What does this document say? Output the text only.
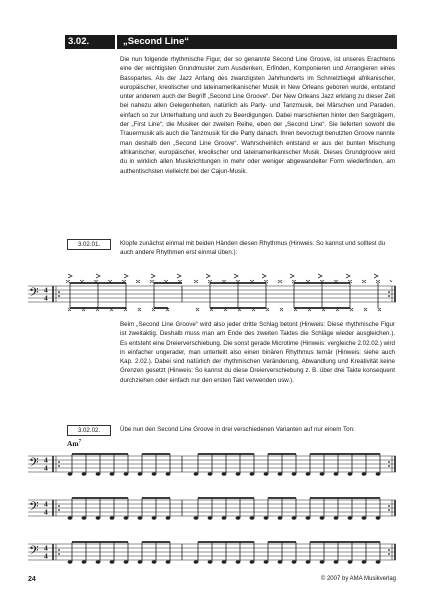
3.02.	„Second Line“

Die nun folgende rhythmische Figur, der so genannte Second Line Groove, ist unseres Erachtens eine der wichtigsten Grundmuster zum Ausdenken, Erfinden, Komponieren und Arrangieren eines Basspartes. Als der Jazz Anfang des zwanzigsten Jahrhunderts im Schmelztiegel afrikanischer, europäischer, kreolischer und lateinamerikanischer Musik in New Orleans geboren wurde, entstand unter anderem auch der Begriff „Second Line Groove“. Der New Orleans Jazz erklang zu dieser Zeit bei nahezu allen Gelegenheiten, natürlich als Party- und Tanzmusik, bei Märschen und Paraden, einfach so zur Unterhaltung und auch zu Beerdigungen. Dabei marschierten hinter den Sargträgern, der „First Line“, die Musiker der zweiten Reihe, eben der „Second Line“. Sie lieferten sowohl die Trauermusik als auch die Tanzmusik für die Party danach. Ihren bevorzugt benutzten Groove nannte man deshalb den „Second Line Groove“. Wahrscheinlich entstand er aus der bunten Mischung afrikanischer, europäischer, kreolischer und lateinamerikanischer Musik. Dieses Grundgroove wird du in wirklich allen Musikrichtungen in mehr oder weniger abgewandelter Form wiederfinden, am authentischsten vielleicht bei der Cajun-Musik.

3.02.01.	Klopfe zunächst einmal mit beiden Händen diesen Rhythmus (Hinweis: So kannst und solltest du auch andere Rhythmen erst einmal üben.):

𝄢 4
4

Beim „Second Line Groove“ wird also jeder dritte Schlag betont (Hinweis: Diese rhythmische Figur ist zweitaktig. Deshalb muss man am Ende des zweiten Taktes die Schläge wieder ausgleichen.). Es entsteht eine Dreierverschiebung. Die sonst gerade Microtime (Hinweis: vergleiche 2.02.02.) wird in einfacher ungerader, man unterteilt also einen binären Rhythmus ternär (Hinweis: siehe auch Kap. 2.02.). Dabei sind natürlich der rhythmischen Veränderung, Abwandlung und Kreativität keine Grenzen gesetzt (Hinweis: So kannst du diese Dreierverschiebung z. B. über drei Takte konsequent durchziehen oder einfach nur den ersten Takt verwenden usw.).

3.02.02.	Übe nun den Second Line Groove in drei verschiedenen Varianten auf nur einem Ton:

Am$^7$
𝄢 4
4
𝄢 4
4
𝄢 4
4
24	© 2007 by AMA Musikverlag
